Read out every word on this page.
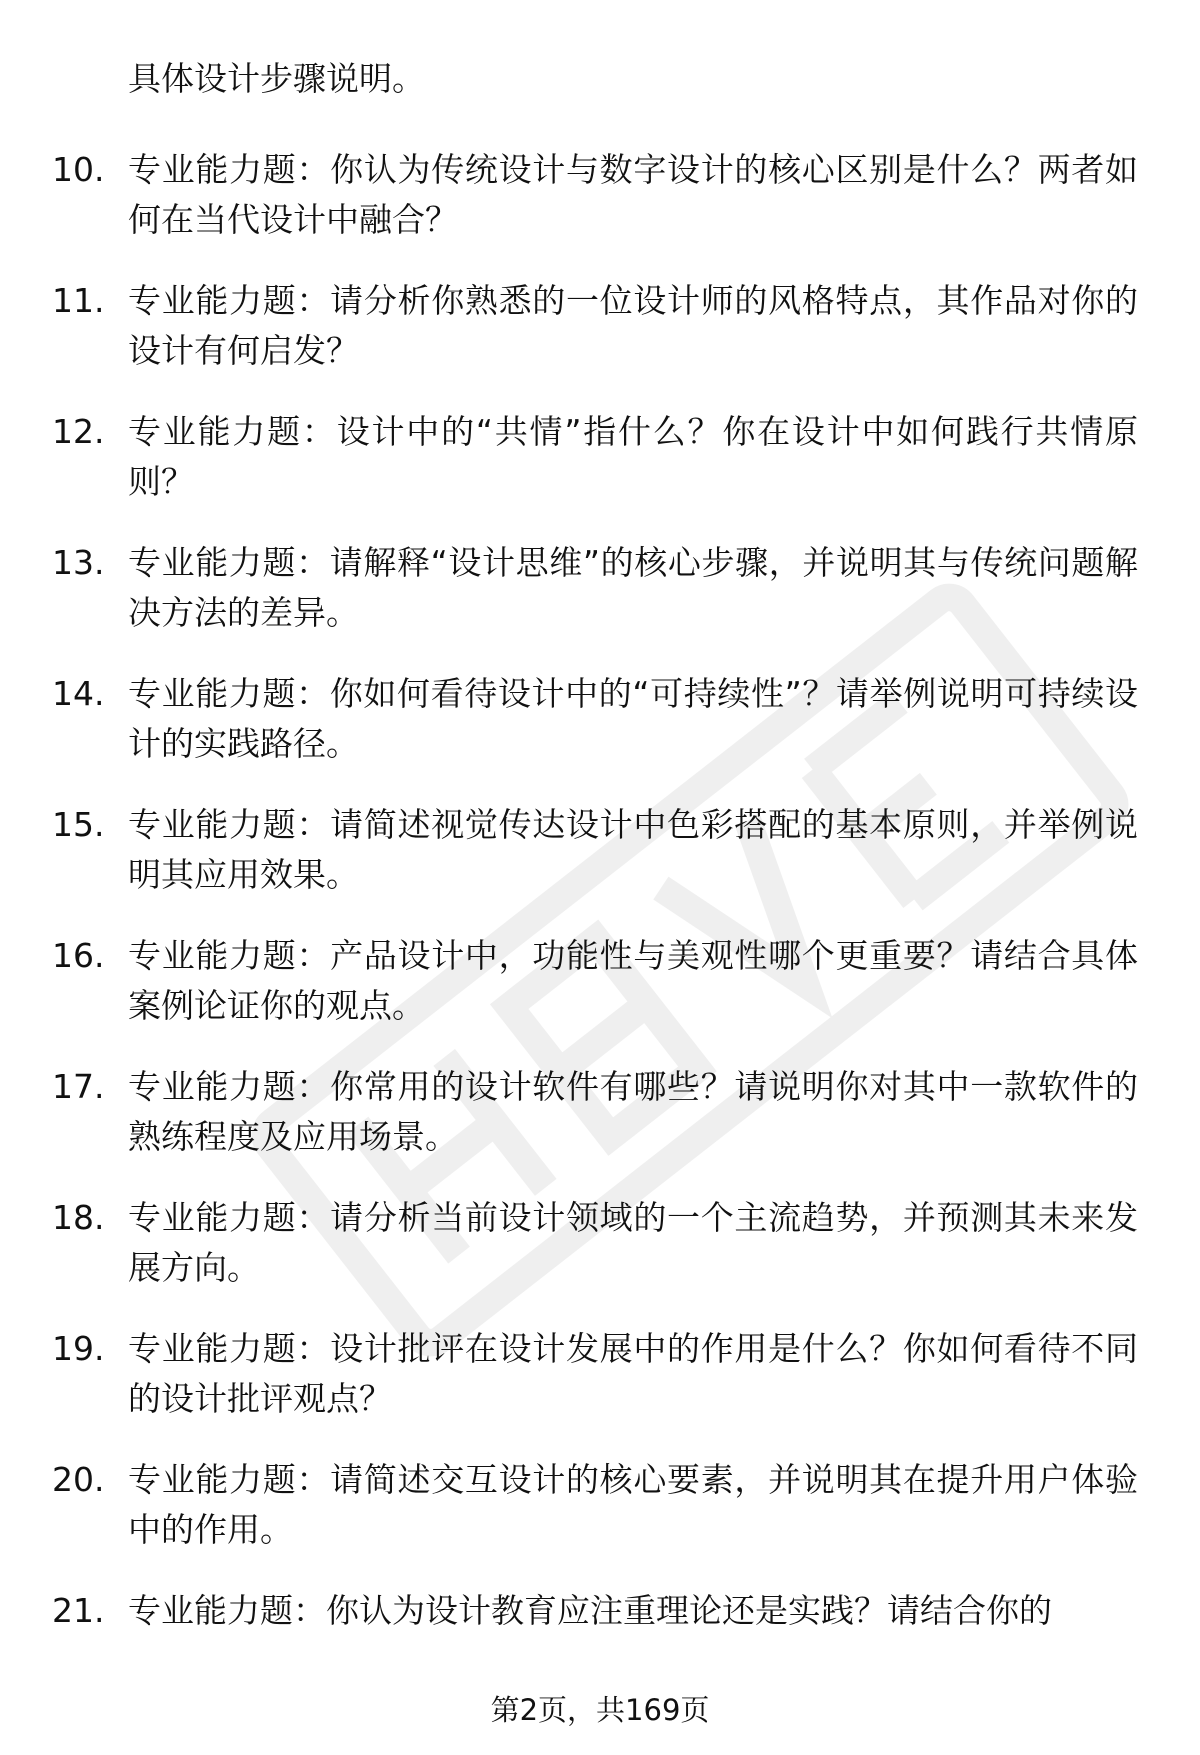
具体设计步骤说明。
10. 专业能力题：你认为传统设计与数字设计的核心区别是什么？两者如何在当代设计中融合？
11. 专业能力题：请分析你熟悉的一位设计师的风格特点，其作品对你的设计有何启发？
12. 专业能力题：设计中的“共情”指什么？你在设计中如何践行共情原则？
13. 专业能力题：请解释“设计思维”的核心步骤，并说明其与传统问题解决方法的差异。
14. 专业能力题：你如何看待设计中的“可持续性”？请举例说明可持续设计的实践路径。
15. 专业能力题：请简述视觉传达设计中色彩搭配的基本原则，并举例说明其应用效果。
16. 专业能力题：产品设计中，功能性与美观性哪个更重要？请结合具体案例论证你的观点。
17. 专业能力题：你常用的设计软件有哪些？请说明你对其中一款软件的熟练程度及应用场景。
18. 专业能力题：请分析当前设计领域的一个主流趋势，并预测其未来发展方向。
19. 专业能力题：设计批评在设计发展中的作用是什么？你如何看待不同的设计批评观点？
20. 专业能力题：请简述交互设计的核心要素，并说明其在提升用户体验中的作用。
21. 专业能力题：你认为设计教育应注重理论还是实践？请结合你的
第2页，共169页
